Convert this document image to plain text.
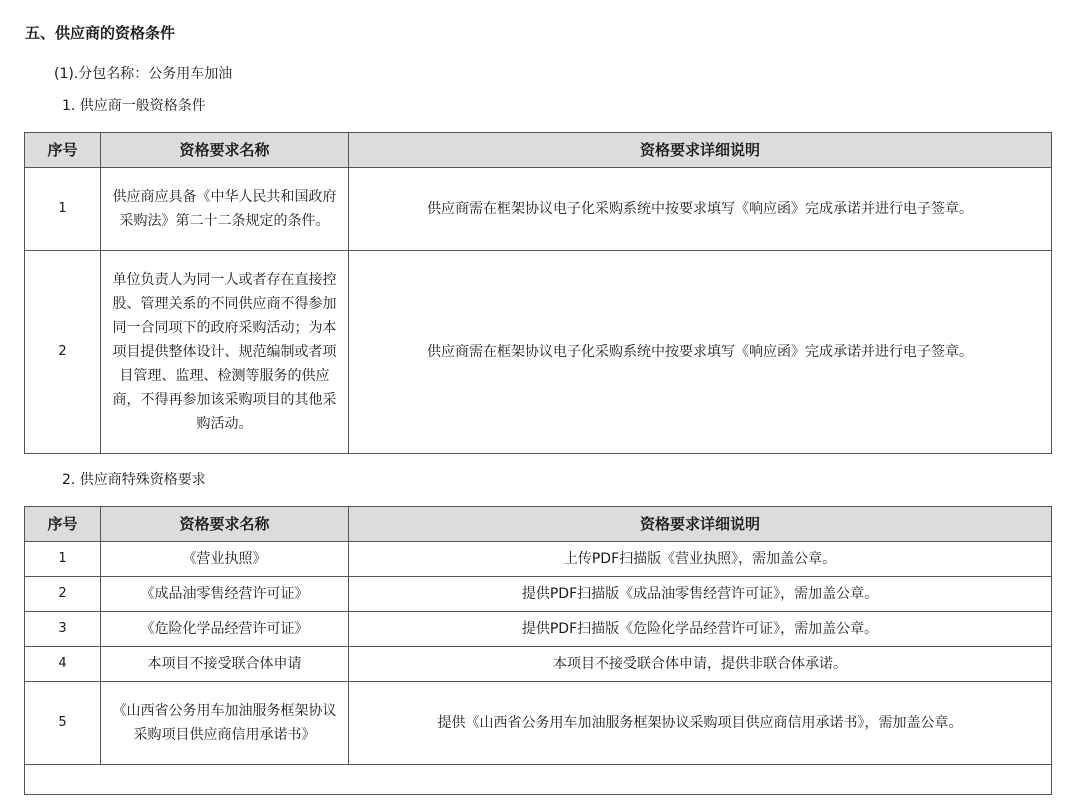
五、供应商的资格条件
(1).分包名称：公务用车加油
1. 供应商一般资格条件
序号	资格要求名称	资格要求详细说明
1	供应商应具备《中华人民共和国政府采购法》第二十二条规定的条件。	供应商需在框架协议电子化采购系统中按要求填写《响应函》完成承诺并进行电子签章。
2	单位负责人为同一人或者存在直接控股、管理关系的不同供应商不得参加同一合同项下的政府采购活动；为本项目提供整体设计、规范编制或者项目管理、监理、检测等服务的供应商，不得再参加该采购项目的其他采购活动。	供应商需在框架协议电子化采购系统中按要求填写《响应函》完成承诺并进行电子签章。
2. 供应商特殊资格要求
序号	资格要求名称	资格要求详细说明
1	《营业执照》	上传PDF扫描版《营业执照》，需加盖公章。
2	《成品油零售经营许可证》	提供PDF扫描版《成品油零售经营许可证》，需加盖公章。
3	《危险化学品经营许可证》	提供PDF扫描版《危险化学品经营许可证》，需加盖公章。
4	本项目不接受联合体申请	本项目不接受联合体申请，提供非联合体承诺。
5	《山西省公务用车加油服务框架协议采购项目供应商信用承诺书》	提供《山西省公务用车加油服务框架协议采购项目供应商信用承诺书》，需加盖公章。
